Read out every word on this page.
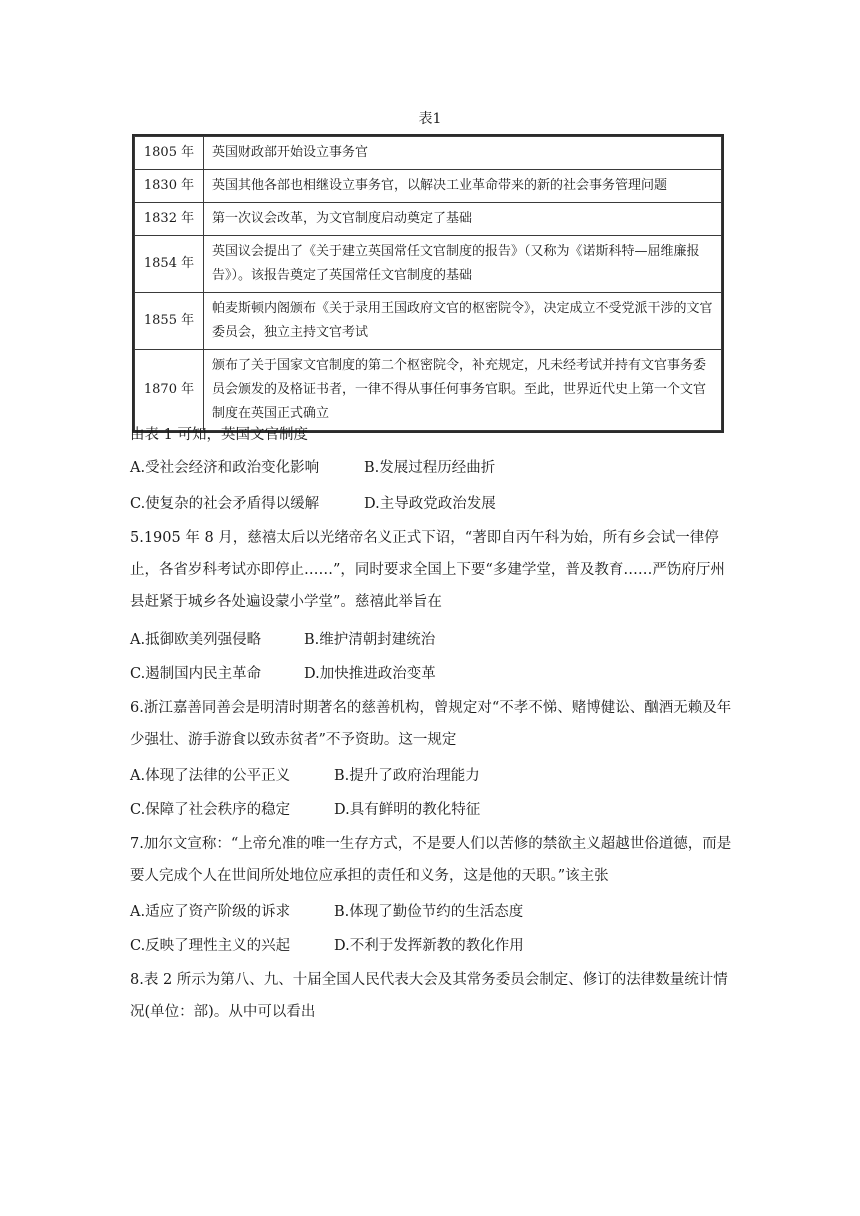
表1
1805 年	英国财政部开始设立事务官
1830 年	英国其他各部也相继设立事务官，以解决工业革命带来的新的社会事务管理问题
1832 年	第一次议会改革，为文官制度启动奠定了基础
1854 年	英国议会提出了《关于建立英国常任文官制度的报告》（又称为《诺斯科特—屈维廉报告》）。该报告奠定了英国常任文官制度的基础
1855 年	帕麦斯顿内阁颁布《关于录用王国政府文官的枢密院令》，决定成立不受党派干涉的文官委员会，独立主持文官考试
1870 年	颁布了关于国家文官制度的第二个枢密院令，补充规定，凡未经考试并持有文官事务委员会颁发的及格证书者，一律不得从事任何事务官职。至此，世界近代史上第一个文官制度在英国正式确立
由表 1 可知，英国文官制度
A.受社会经济和政治变化影响	B.发展过程历经曲折
C.使复杂的社会矛盾得以缓解	D.主导政党政治发展
5.1905 年 8 月，慈禧太后以光绪帝名义正式下诏，“著即自丙午科为始，所有乡会试一律停止，各省岁科考试亦即停止……”，同时要求全国上下要“多建学堂，普及教育……严饬府厅州县赶紧于城乡各处遍设蒙小学堂”。慈禧此举旨在
A.抵御欧美列强侵略	B.维护清朝封建统治
C.遏制国内民主革命	D.加快推进政治变革
6.浙江嘉善同善会是明清时期著名的慈善机构，曾规定对“不孝不悌、赌博健讼、酗酒无赖及年少强壮、游手游食以致赤贫者”不予资助。这一规定
A.体现了法律的公平正义	B.提升了政府治理能力
C.保障了社会秩序的稳定	D.具有鲜明的教化特征
7.加尔文宣称：“上帝允准的唯一生存方式，不是要人们以苦修的禁欲主义超越世俗道德，而是要人完成个人在世间所处地位应承担的责任和义务，这是他的天职。”该主张
A.适应了资产阶级的诉求	B.体现了勤俭节约的生活态度
C.反映了理性主义的兴起	D.不利于发挥新教的教化作用
8.表 2 所示为第八、九、十届全国人民代表大会及其常务委员会制定、修订的法律数量统计情况(单位：部)。从中可以看出
